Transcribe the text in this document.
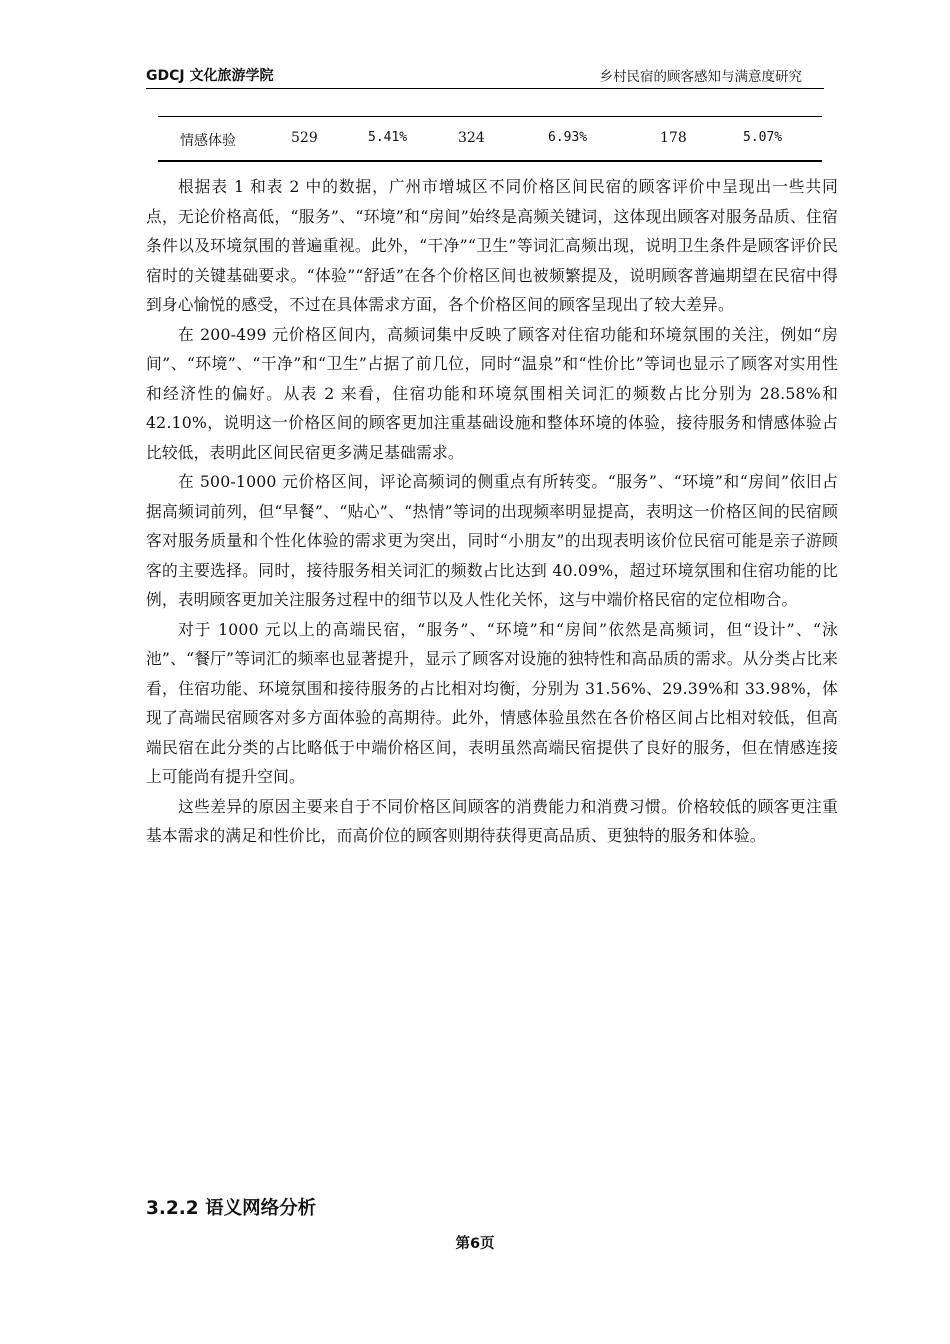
GDCJ 文化旅游学院	乡村民宿的顾客感知与满意度研究
情感体验	529	5.41%	324	6.93%	178	5.07%

根据表 1 和表 2 中的数据，广州市增城区不同价格区间民宿的顾客评价中呈现出一些共同点，无论价格高低，“服务”、“环境”和“房间”始终是高频关键词，这体现出顾客对服务品质、住宿条件以及环境氛围的普遍重视。此外，“干净”“卫生”等词汇高频出现，说明卫生条件是顾客评价民宿时的关键基础要求。“体验”“舒适”在各个价格区间也被频繁提及，说明顾客普遍期望在民宿中得到身心愉悦的感受，不过在具体需求方面，各个价格区间的顾客呈现出了较大差异。

在 200-499 元价格区间内，高频词集中反映了顾客对住宿功能和环境氛围的关注，例如“房间”、“环境”、“干净”和“卫生”占据了前几位，同时“温泉”和“性价比”等词也显示了顾客对实用性和经济性的偏好。从表 2 来看，住宿功能和环境氛围相关词汇的频数占比分别为 28.58%和 42.10%，说明这一价格区间的顾客更加注重基础设施和整体环境的体验，接待服务和情感体验占比较低，表明此区间民宿更多满足基础需求。

在 500-1000 元价格区间，评论高频词的侧重点有所转变。“服务”、“环境”和“房间”依旧占据高频词前列，但“早餐”、“贴心”、“热情”等词的出现频率明显提高，表明这一价格区间的民宿顾客对服务质量和个性化体验的需求更为突出，同时“小朋友”的出现表明该价位民宿可能是亲子游顾客的主要选择。同时，接待服务相关词汇的频数占比达到 40.09%，超过环境氛围和住宿功能的比例，表明顾客更加关注服务过程中的细节以及人性化关怀，这与中端价格民宿的定位相吻合。

对于 1000 元以上的高端民宿，“服务”、“环境”和“房间”依然是高频词，但“设计”、“泳池”、“餐厅”等词汇的频率也显著提升，显示了顾客对设施的独特性和高品质的需求。从分类占比来看，住宿功能、环境氛围和接待服务的占比相对均衡，分别为 31.56%、29.39%和 33.98%，体现了高端民宿顾客对多方面体验的高期待。此外，情感体验虽然在各价格区间占比相对较低，但高端民宿在此分类的占比略低于中端价格区间，表明虽然高端民宿提供了良好的服务，但在情感连接上可能尚有提升空间。

这些差异的原因主要来自于不同价格区间顾客的消费能力和消费习惯。价格较低的顾客更注重基本需求的满足和性价比，而高价位的顾客则期待获得更高品质、更独特的服务和体验。

3.2.2 语义网络分析
第6页
